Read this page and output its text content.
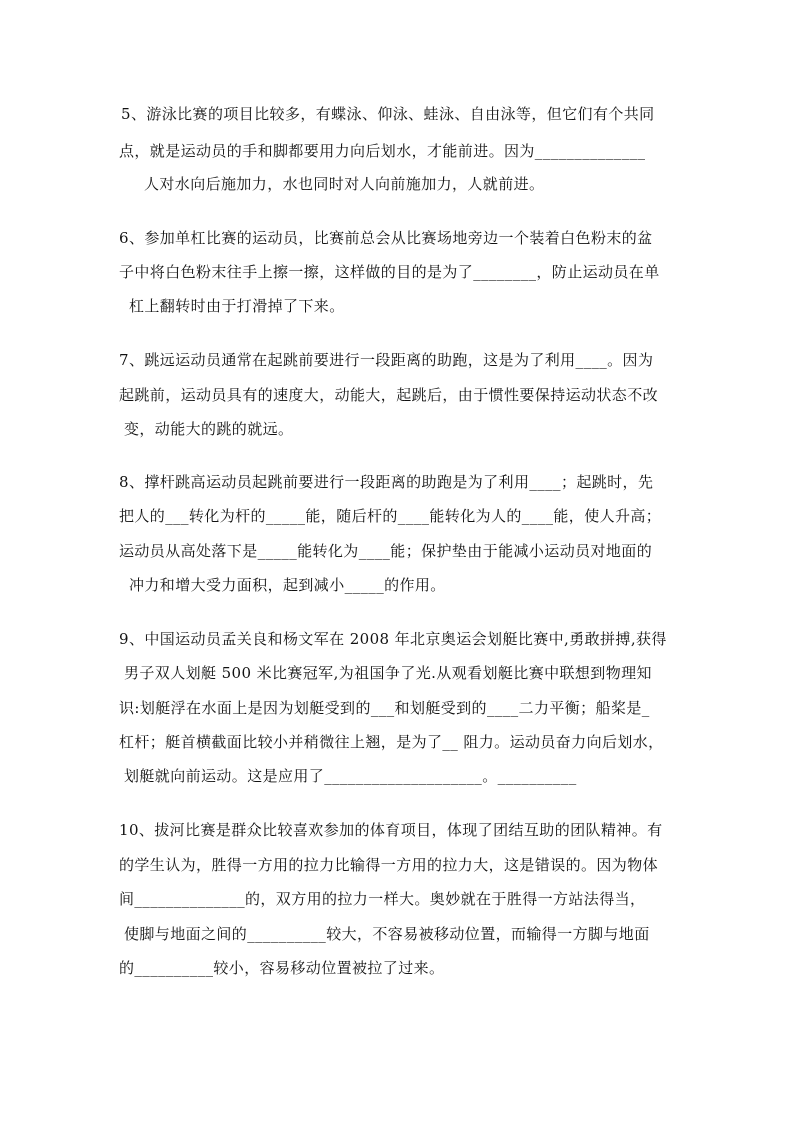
5、游泳比赛的项目比较多，有蝶泳、仰泳、蛙泳、自由泳等，但它们有个共同
点，就是运动员的手和脚都要用力向后划水，才能前进。因为______________
人对水向后施加力，水也同时对人向前施加力，人就前进。
6、参加单杠比赛的运动员，比赛前总会从比赛场地旁边一个装着白色粉末的盆
子中将白色粉末往手上擦一擦，这样做的目的是为了________，防止运动员在单
杠上翻转时由于打滑掉了下来。
7、跳远运动员通常在起跳前要进行一段距离的助跑，这是为了利用____。因为
起跳前，运动员具有的速度大，动能大，起跳后，由于惯性要保持运动状态不改
变，动能大的跳的就远。
8、撑杆跳高运动员起跳前要进行一段距离的助跑是为了利用____；起跳时，先
把人的___转化为杆的_____能，随后杆的____能转化为人的____能，使人升高；
运动员从高处落下是_____能转化为____能；保护垫由于能减小运动员对地面的
冲力和增大受力面积，起到减小_____的作用。
9、中国运动员孟关良和杨文军在 2008 年北京奥运会划艇比赛中,勇敢拼搏,获得
男子双人划艇 500 米比赛冠军,为祖国争了光.从观看划艇比赛中联想到物理知
识:划艇浮在水面上是因为划艇受到的___和划艇受到的____二力平衡；船桨是_
杠杆；艇首横截面比较小并稍微往上翘，是为了__ 阻力。运动员奋力向后划水，
划艇就向前运动。这是应用了____________________。__________
10、拔河比赛是群众比较喜欢参加的体育项目，体现了团结互助的团队精神。有
的学生认为，胜得一方用的拉力比输得一方用的拉力大，这是错误的。因为物体
间______________的，双方用的拉力一样大。奥妙就在于胜得一方站法得当，
使脚与地面之间的__________较大，不容易被移动位置，而输得一方脚与地面
的__________较小，容易移动位置被拉了过来。
